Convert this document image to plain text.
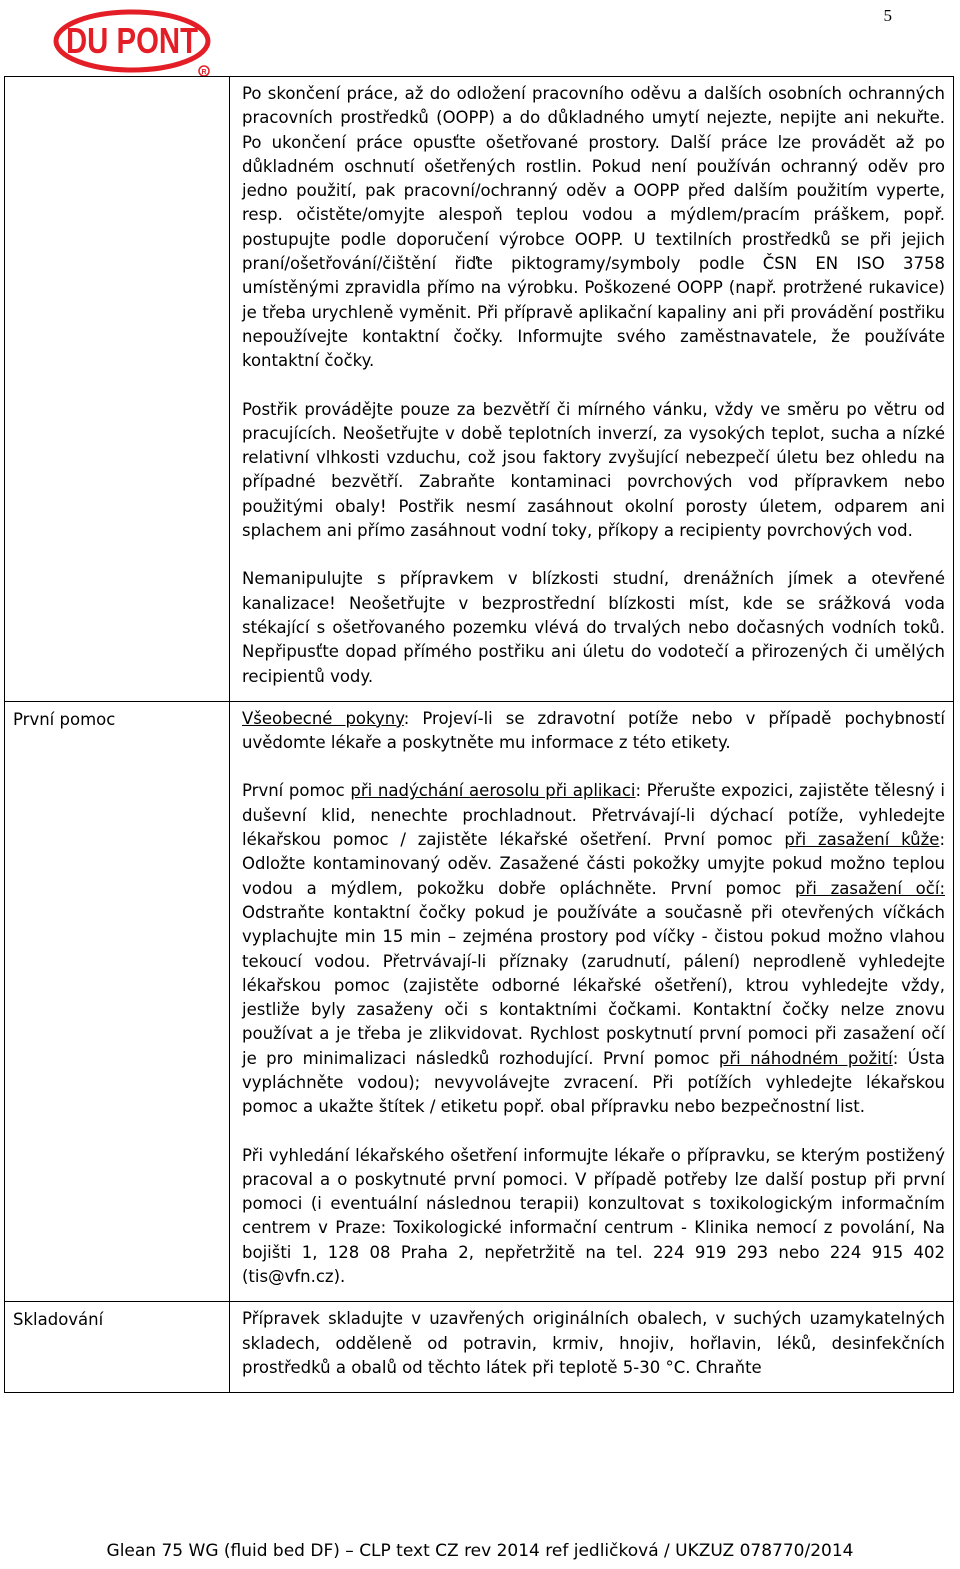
DU PONT
R
5

	Po skončení práce, až do odložení pracovního oděvu a dalších osobních ochranných pracovních prostředků (OOPP) a do důkladného umytí nejezte, nepijte ani nekuřte. Po ukončení práce opusťte ošetřované prostory. Další práce lze provádět až po důkladném oschnutí ošetřených rostlin. Pokud není používán ochranný oděv pro jedno použití, pak pracovní/ochranný oděv a OOPP před dalším použitím vyperte, resp. očistěte/omyjte alespoň teplou vodou a mýdlem/pracím práškem, popř. postupujte podle doporučení výrobce OOPP. U textilních prostředků se při jejich praní/ošetřování/čištění řiďte piktogramy/symboly podle ČSN EN ISO 3758 umístěnými zpravidla přímo na výrobku. Poškozené OOPP (např. protržené rukavice) je třeba urychleně vyměnit. Při přípravě aplikační kapaliny ani při provádění postřiku nepoužívejte kontaktní čočky. Informujte svého zaměstnavatele, že používáte kontaktní čočky.

Postřik provádějte pouze za bezvětří či mírného vánku, vždy ve směru po větru od pracujících. Neošetřujte v době teplotních inverzí, za vysokých teplot, sucha a nízké relativní vlhkosti vzduchu, což jsou faktory zvyšující nebezpečí úletu bez ohledu na případné bezvětří. Zabraňte kontaminaci povrchových vod přípravkem nebo použitými obaly! Postřik nesmí zasáhnout okolní porosty úletem, odparem ani splachem ani přímo zasáhnout vodní toky, příkopy a recipienty povrchových vod.

Nemanipulujte s přípravkem v blízkosti studní, drenážních jímek a otevřené kanalizace! Neošetřujte v bezprostřední blízkosti míst, kde se srážková voda stékající s ošetřovaného pozemku vlévá do trvalých nebo dočasných vodních toků. Nepřipusťte dopad přímého postřiku ani úletu do vodotečí a přirozených či umělých recipientů vody.

První pomoc	Všeobecné pokyny: Projeví-li se zdravotní potíže nebo v případě pochybností uvědomte lékaře a poskytněte mu informace z této etikety.

První pomoc při nadýchání aerosolu při aplikaci: Přerušte expozici, zajistěte tělesný i duševní klid, nenechte prochladnout. Přetrvávají-li dýchací potíže, vyhledejte lékařskou pomoc / zajistěte lékařské ošetření. První pomoc při zasažení kůže: Odložte kontaminovaný oděv. Zasažené části pokožky umyjte pokud možno teplou vodou a mýdlem, pokožku dobře opláchněte. První pomoc při zasažení očí: Odstraňte kontaktní čočky pokud je používáte a současně při otevřených víčkách vyplachujte min 15 min – zejména prostory pod víčky - čistou pokud možno vlahou tekoucí vodou. Přetrvávají-li příznaky (zarudnutí, pálení) neprodleně vyhledejte lékařskou pomoc (zajistěte odborné lékařské ošetření), ktrou vyhledejte vždy, jestliže byly zasaženy oči s kontaktními čočkami. Kontaktní čočky nelze znovu používat a je třeba je zlikvidovat. Rychlost poskytnutí první pomoci při zasažení očí je pro minimalizaci následků rozhodující. První pomoc při náhodném požití: Ústa vypláchněte vodou); nevyvolávejte zvracení. Při potížích vyhledejte lékařskou pomoc a ukažte štítek / etiketu popř. obal přípravku nebo bezpečnostní list.

Při vyhledání lékařského ošetření informujte lékaře o přípravku, se kterým postižený pracoval a o poskytnuté první pomoci. V případě potřeby lze další postup při první pomoci (i eventuální následnou terapii) konzultovat s toxikologickým informačním centrem v Praze: Toxikologické informační centrum - Klinika nemocí z povolání, Na bojišti 1, 128 08 Praha 2, nepřetržitě na tel. 224 919 293 nebo 224 915 402 (tis@vfn.cz).

Skladování	Přípravek skladujte v uzavřených originálních obalech, v suchých uzamykatelných skladech, odděleně od potravin, krmiv, hnojiv, hořlavin, léků, desinfekčních prostředků a obalů od těchto látek při teplotě 5-30 °C. Chraňte

Glean 75 WG (fluid bed DF) – CLP text CZ rev 2014 ref jedličková / UKZUZ 078770/2014
